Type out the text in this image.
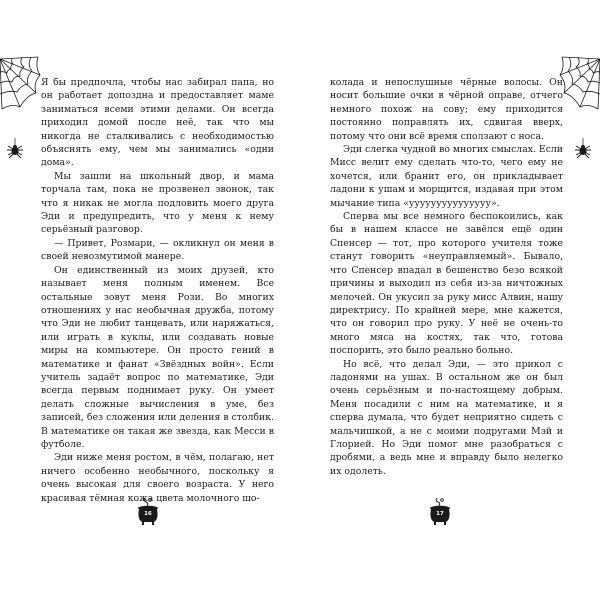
Я бы предпочла, чтобы нас забирал папа, но он работает допоздна и предоставляет маме заниматься всеми этими делами. Он всегда приходил домой после неё, так что мы никогда не сталкивались с необходимостью объяснять ему, чем мы занимались «одни дома».

Мы зашли на школьный двор, и мама торчала там, пока не прозвенел звонок, так что я никак не могла подловить моего друга Эди и предупредить, что у меня к нему серьёзный разговор.

— Привет, Розмари, — окликнул он меня в своей невозмутимой манере.

Он единственный из моих друзей, кто называет меня полным именем. Все остальные зовут меня Рози. Во многих отношениях у нас необычная дружба, потому что Эди не любит танцевать, или наряжаться, или играть в куклы, или создавать новые миры на компьютере. Он просто гений в математике и фанат «Звёздных войн». Если учитель задаёт вопрос по математике, Эди всегда первым поднимает руку. Он умеет делать сложные вычисления в уме, без записей, без сложения или деления в столбик. В математике он такая же звезда, как Месси в футболе.

Эди ниже меня ростом, в чём, полагаю, нет ничего особенно необычного, поскольку я очень высокая для своего возраста. У него красивая тёмная кожа цвета молочного шо-

колада и непослушные чёрные волосы. Он носит большие очки в чёрной оправе, отчего немного похож на сову; ему приходится постоянно поправлять их, сдвигая вверх, потому что они всё время сползают с носа.

Эди слегка чудной во многих смыслах. Если Мисс велит ему сделать что-то, чего ему не хочется, или бранит его, он прикладывает ладони к ушам и морщится, издавая при этом мычание типа «ууууууууууууууу».

Сперва мы все немного беспокоились, как бы в нашем классе не завёлся ещё один Спенсер — тот, про которого учителя тоже станут говорить «неуправляемый». Бывало, что Спенсер впадал в бешенство безо всякой причины и выходил из себя из-за ничтожных мелочей. Он укусил за руку мисс Алвин, нашу директрису. По крайней мере, мне кажется, что он говорил про руку. У неё не очень-то много мяса на костях, так что, готова поспорить, это было реально больно.

Но всё, что делал Эди, — это прикол с ладонями на ушах. В остальном же он был очень серьёзным и по-настоящему добрым. Меня посадили с ним на математике, и я сперва думала, что будет неприятно сидеть с мальчишкой, а не с моими подругами Мэй и Глорией. Но Эди помог мне разобраться с дробями, а ведь мне и вправду было нелегко их одолеть.

16	17
